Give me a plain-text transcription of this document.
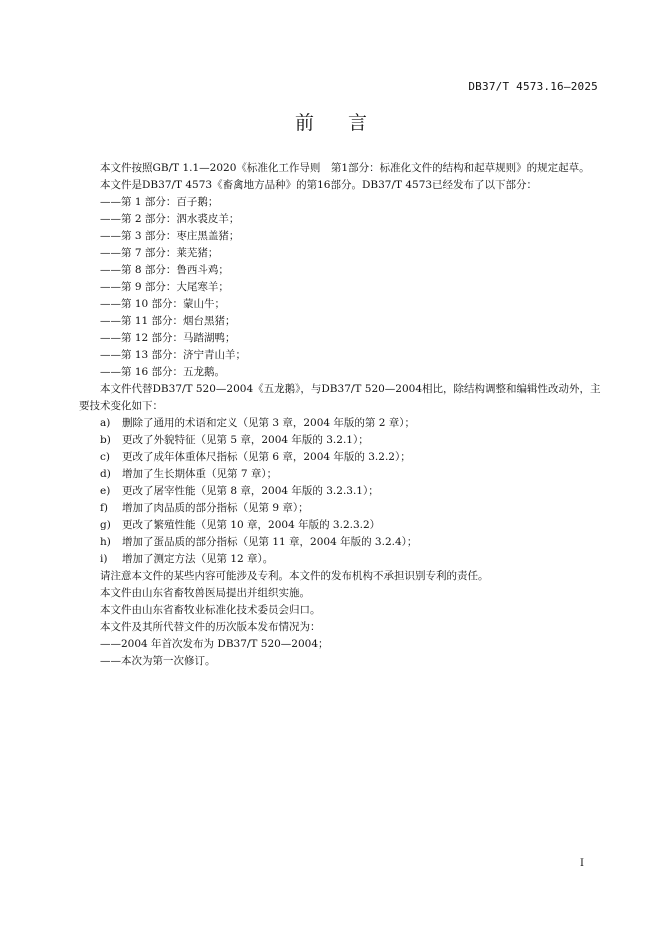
DB37/T 4573.16—2025
前言

本文件按照GB/T 1.1—2020《标准化工作导则　第1部分：标准化文件的结构和起草规则》的规定起草。

本文件是DB37/T 4573《畜禽地方品种》的第16部分。DB37/T 4573已经发布了以下部分：

——第 1 部分：百子鹅；

——第 2 部分：泗水裘皮羊；

——第 3 部分：枣庄黑盖猪；

——第 7 部分：莱芜猪；

——第 8 部分：鲁西斗鸡；

——第 9 部分：大尾寒羊；

——第 10 部分：蒙山牛；

——第 11 部分：烟台黑猪；

——第 12 部分：马踏湖鸭；

——第 13 部分：济宁青山羊；

——第 16 部分：五龙鹅。

本文件代替DB37/T 520—2004《五龙鹅》，与DB37/T 520—2004相比，除结构调整和编辑性改动外，主要技术变化如下：

a) 删除了通用的术语和定义（见第 3 章，2004 年版的第 2 章）；

b) 更改了外貌特征（见第 5 章，2004 年版的 3.2.1）；

c) 更改了成年体重体尺指标（见第 6 章，2004 年版的 3.2.2）；

d) 增加了生长期体重（见第 7 章）；

e) 更改了屠宰性能（见第 8 章，2004 年版的 3.2.3.1）；

f) 增加了肉品质的部分指标（见第 9 章）；

g) 更改了繁殖性能（见第 10 章，2004 年版的 3.2.3.2）

h) 增加了蛋品质的部分指标（见第 11 章，2004 年版的 3.2.4）；

i) 增加了测定方法（见第 12 章）。

请注意本文件的某些内容可能涉及专利。本文件的发布机构不承担识别专利的责任。

本文件由山东省畜牧兽医局提出并组织实施。

本文件由山东省畜牧业标准化技术委员会归口。

本文件及其所代替文件的历次版本发布情况为：

——2004 年首次发布为 DB37/T 520—2004；

——本次为第一次修订。

I
